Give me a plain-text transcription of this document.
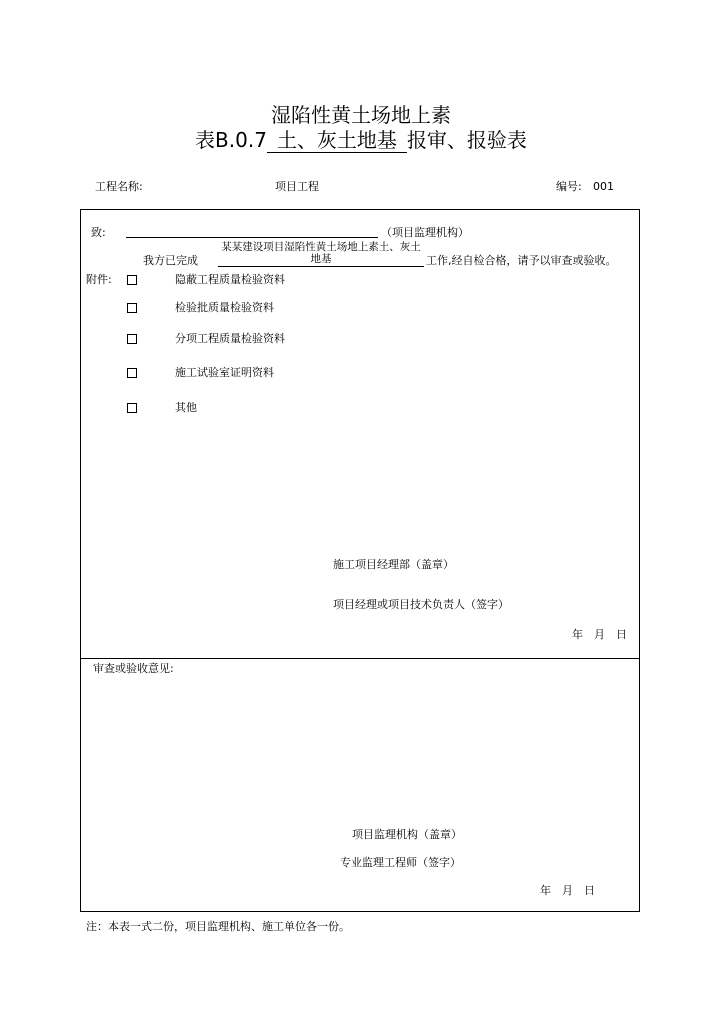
湿陷性黄土场地上素
表B.0.7 土、灰土地基 报审、报验表
工程名称:	项目工程	编号: 001
致:	（项目监理机构）
我方已完成
某某建设项目湿陷性黄土场地上素土、灰土地基	工作,经自检合格，请予以审查或验收。
附件:	隐蔽工程质量检验资料
检验批质量检验资料
分项工程质量检验资料
施工试验室证明资料
其他
施工项目经理部（盖章）
项目经理或项目技术负责人（签字）
年　月　日
审查或验收意见:
项目监理机构（盖章）
专业监理工程师（签字）
年　月　日
注：本表一式二份，项目监理机构、施工单位各一份。
